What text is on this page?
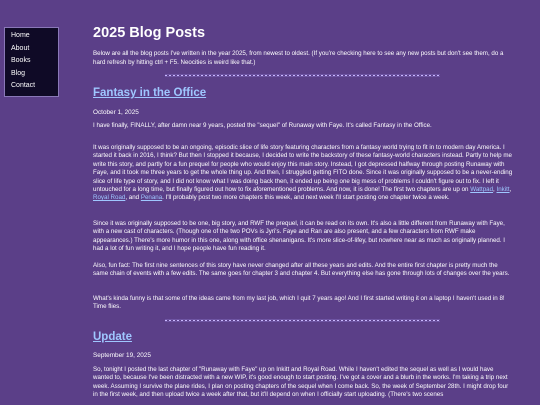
Home
About
Books
Blog
Contact
2025 Blog Posts

Below are all the blog posts I've written in the year 2025, from newest to oldest. (If you're checking here to see any new posts but don't see them, do a hard refresh by hitting ctrl + F5. Neocities is weird like that.)

Fantasy in the Office

October 1, 2025

I have finally, FINALLY, after damn near 9 years, posted the "sequel" of Runaway with Faye. It's called Fantasy in the Office.

It was originally supposed to be an ongoing, episodic slice of life story featuring characters from a fantasy world trying to fit in to modern day America. I started it back in 2016, I think? But then I stopped it because, I decided to write the backstory of these fantasy-world characters instead. Partly to help me write this story, and partly for a fun prequel for people who would enjoy this main story. Instead, I got depressed halfway through posting Runaway with Faye, and it took me three years to get the whole thing up. And then, I struggled getting FITO done. Since it was originally supposed to be a never-ending slice of life type of story, and I did not know what I was doing back then, it ended up being one big mess of problems I couldn't figure out to fix. I left it untouched for a long time, but finally figured out how to fix aforementioned problems. And now, it is done! The first two chapters are up on Wattpad, Inkitt, Royal Road, and Penana. I'll probably post two more chapters this week, and next week I'll start posting one chapter twice a week.

Since it was originally supposed to be one, big story, and RWF the prequel, it can be read on its own. It's also a little different from Runaway with Faye, with a new cast of characters. (Though one of the two POVs is Jyri's. Faye and Ran are also present, and a few characters from RWF make appearances.) There's more humor in this one, along with office shenanigans. It's more slice-of-lifey, but nowhere near as much as originally planned. I had a lot of fun writing it, and I hope people have fun reading it.

Also, fun fact: The first nine sentences of this story have never changed after all these years and edits. And the entire first chapter is pretty much the same chain of events with a few edits. The same goes for chapter 3 and chapter 4. But everything else has gone through lots of changes over the years.

What's kinda funny is that some of the ideas came from my last job, which I quit 7 years ago! And I first started writing it on a laptop I haven't used in 8! Time flies.

Update

September 19, 2025

So, tonight I posted the last chapter of "Runaway with Faye" up on Inkitt and Royal Road. While I haven't edited the sequel as well as I would have wanted to, because I've been distracted with a new WIP, it's good enough to start posting. I've got a cover and a blurb in the works. I'm taking a trip next week. Assuming I survive the plane rides, I plan on posting chapters of the sequel when I come back. So, the week of September 28th. I might drop four in the first week, and then upload twice a week after that, but it'll depend on when I officially start uploading. (There's two scenes
